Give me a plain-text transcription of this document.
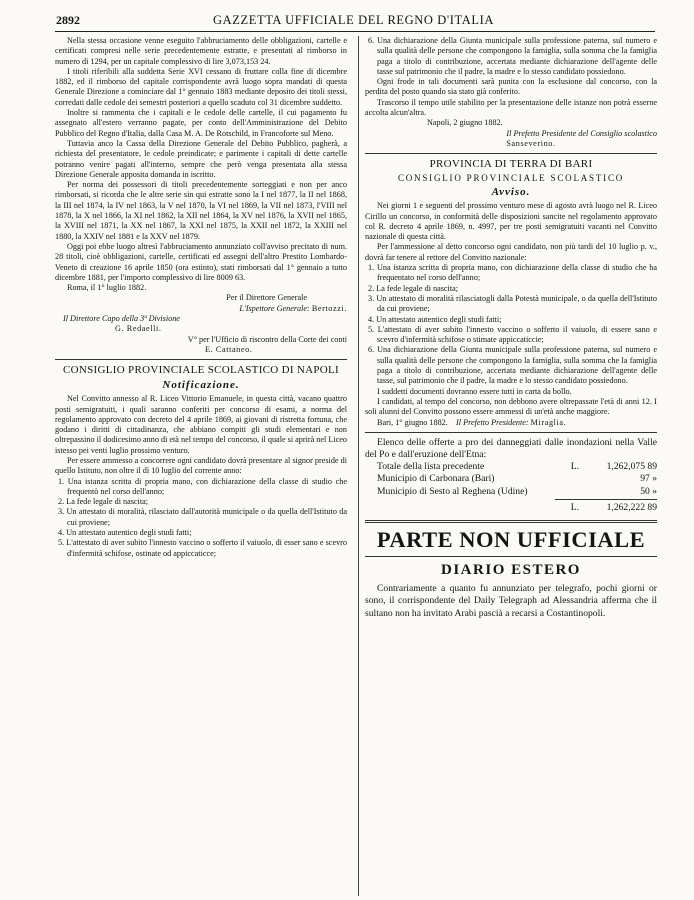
2892	GAZZETTA UFFICIALE DEL REGNO D'ITALIA

Nella stessa occasione venne eseguito l'abbruciamento delle obbligazioni, cartelle e certificati compresi nelle serie precedentemente estratte, e presentati al rimborso in numero di 1294, per un capitale complessivo di lire 3,073,153 24.

I titoli riferibili alla suddetta Serie XVI cessano di fruttare colla fine di dicembre 1882, ed il rimborso del capitale corrispondente avrà luogo sopra mandati di questa Generale Direzione a cominciare dal 1° gennaio 1883 mediante deposito dei titoli stessi, corredati dalle cedole dei semestri posteriori a quello scaduto col 31 dicembre suddetto.

Inoltre si rammenta che i capitali e le cedole delle cartelle, il cui pagamento fu assegnato all'estero verranno pagate, per conto dell'Amministrazione del Debito Pubblico del Regno d'Italia, dalla Casa M. A. De Rotschild, in Francoforte sul Meno.

Tuttavia anco la Cassa della Direzione Generale del Debito Pubblico, pagherà, a richiesta del presentatore, le cedole preindicate; e parimente i capitali di dette cartelle potranno venire pagati all'interno, sempre che però venga presentata alla stessa Direzione Generale apposita domanda in iscritto.

Per norma dei possessori di titoli precedentemente sorteggiati e non per anco rimborsati, si ricorda che le altre serie sin qui estratte sono la I nel 1877, la II nel 1868, la III nel 1874, la IV nel 1863, la V nel 1870, la VI nel 1869, la VII nel 1873, l'VIII nel 1878, la X nel 1866, la XI nel 1862, la XII nel 1864, la XV nel 1876, la XVII nel 1865, la XVIII nel 1871, la XX nel 1867, la XXI nel 1875, la XXII nel 1872, la XXIII nel 1880, la XXIV nel 1881 e la XXV nel 1879.

Oggi poi ebbe luogo altresì l'abbruciamento annunziato coll'avviso precitato di num. 28 titoli, cioè obbligazioni, cartelle, certificati ed assegni dell'altro Prestito Lombardo-Veneto di creazione 16 aprile 1850 (ora estinto), stati rimborsati dal 1° gennaio a tutto dicembre 1881, per l'importo complessivo di lire 8009 63.

Roma, il 1° luglio 1882.

Per il Direttore Generale

L'Ispettore Generale: Bertozzi.

Il Direttore Capo della 3ª Divisione

G. Redaelli.

V° per l'Ufficio di riscontro della Corte dei conti

E. Cattaneo.

CONSIGLIO PROVINCIALE SCOLASTICO DI NAPOLI
Notificazione.

Nel Convitto annesso al R. Liceo Vittorio Emanuele, in questa città, vacano quattro posti semigratuiti, i quali saranno conferiti per concorso di esami, a norma del regolamento approvato con decreto del 4 aprile 1869, ai giovani di ristretta fortuna, che godano i diritti di cittadinanza, che abbiano compiti gli studi elementari e non oltrepassino il dodicesimo anno di età nel tempo del concorso, il quale si aprirà nel Liceo istesso pei venti luglio prossimo venturo.

Per essere ammesso a concorrere ogni candidato dovrà presentare al signor preside di quello Istituto, non oltre il dì 10 luglio del corrente anno:

1. Una istanza scritta di propria mano, con dichiarazione della classe di studio che frequentò nel corso dell'anno;

2. La fede legale di nascita;

3. Un attestato di moralità, rilasciato dall'autorità municipale o da quella dell'Istituto da cui proviene;

4. Un attestato autentico degli studi fatti;

5. L'attestato di aver subito l'innesto vaccino o sofferto il vaiuolo, di esser sano e scevro d'infermità schifose, ostinate od appiccaticce;

6. Una dichiarazione della Giunta municipale sulla professione paterna, sul numero e sulla qualità delle persone che compongono la famiglia, sulla somma che la famiglia paga a titolo di contribuzione, accertata mediante dichiarazione dell'agente delle tasse sul patrimonio che il padre, la madre e lo stesso candidato possiedono.

Ogni frode in tali documenti sarà punita con la esclusione dal concorso, con la perdita del posto quando sia stato già conferito.

Trascorso il tempo utile stabilito per la presentazione delle istanze non potrà esserne accolta alcun'altra.

Napoli, 2 giugno 1882.

Il Prefetto Presidente del Consiglio scolastico

Sanseverino.

PROVINCIA DI TERRA DI BARI
CONSIGLIO PROVINCIALE SCOLASTICO
Avviso.

Nei giorni 1 e seguenti del prossimo venturo mese di agosto avrà luogo nel R. Liceo Cirillo un concorso, in conformità delle disposizioni sancite nel regolamento approvato col R. decreto 4 aprile 1869, n. 4997, per tre posti semigratuiti vacanti nel Convitto nazionale di questa città.

Per l'ammessione al detto concorso ogni candidato, non più tardi del 10 luglio p. v., dovrà far tenere al rettore del Convitto nazionale:

1. Una istanza scritta di propria mano, con dichiarazione della classe di studio che ha frequentato nel corso dell'anno;

2. La fede legale di nascita;

3. Un attestato di moralità rilasciatogli dalla Potestà municipale, o da quella dell'Istituto da cui proviene;

4. Un attestato autentico degli studi fatti;

5. L'attestato di aver subito l'innesto vaccino o sofferto il vaiuolo, di essere sano e scevro d'infermità schifose o stimate appiccaticcie;

6. Una dichiarazione della Giunta municipale sulla professione paterna, sul numero e sulla qualità delle persone che compongono la famiglia, sulla somma che la famiglia paga a titolo di contribuzione, accertata mediante dichiarazione dell'agente delle tasse, sul patrimonio che il padre, la madre e lo stesso candidato possiedono.

I suddetti documenti dovranno essere tutti in carta da bollo.

I candidati, al tempo del concorso, non debbono avere oltrepassate l'età di anni 12. I soli alunni del Convitto possono essere ammessi di un'età anche maggiore.

Bari, 1° giugno 1882. Il Prefetto Presidente: Miraglia.

Elenco delle offerte a pro dei danneggiati dalle inondazioni nella Valle del Po e dall'eruzione dell'Etna:

Totale della lista precedente	L.	1,262,075 89
Municipio di Carbonara (Bari)	97 »
Municipio di Sesto al Reghena (Udine)	50 »
L.	1,262,222 89
PARTE NON UFFICIALE
DIARIO ESTERO

Contrariamente a quanto fu annunziato per telegrafo, pochi giorni or sono, il corrispondente del Daily Telegraph ad Alessandria afferma che il sultano non ha invitato Arabi pascià a recarsi a Costantinopoli.
